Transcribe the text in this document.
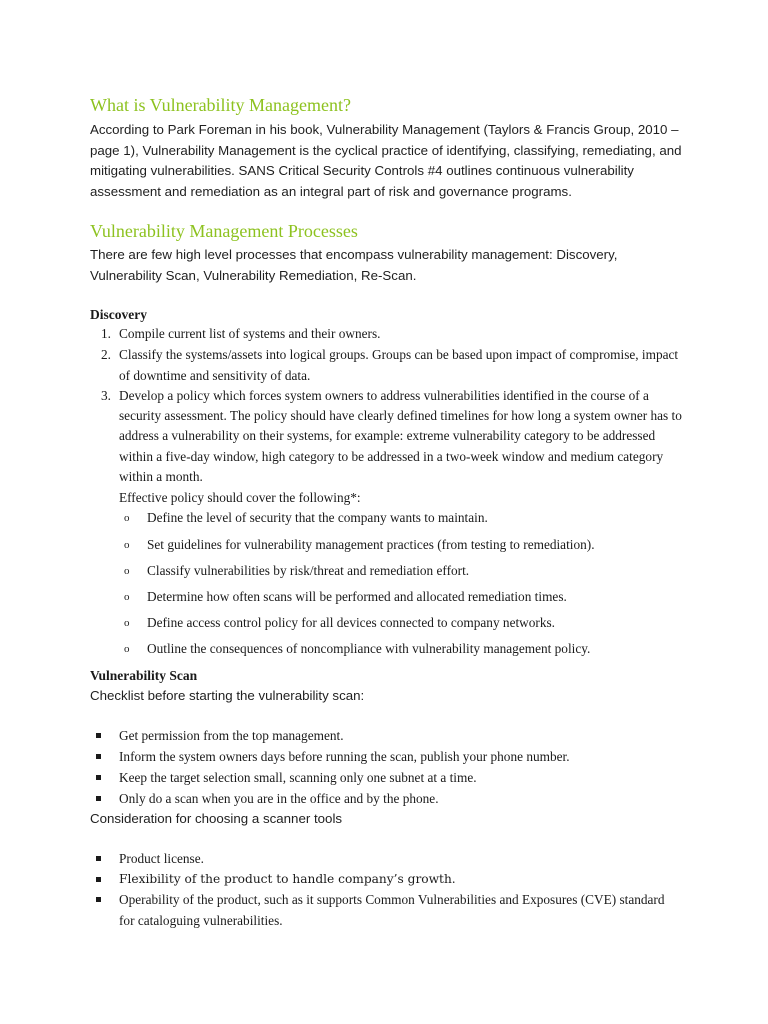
What is Vulnerability Management?
According to Park Foreman in his book, Vulnerability Management (Taylors & Francis Group, 2010 –
page 1), Vulnerability Management is the cyclical practice of identifying, classifying, remediating, and
mitigating vulnerabilities. SANS Critical Security Controls #4 outlines continuous vulnerability
assessment and remediation as an integral part of risk and governance programs.
Vulnerability Management Processes
There are few high level processes that encompass vulnerability management: Discovery,
Vulnerability Scan, Vulnerability Remediation, Re-Scan.
Discovery
1. Compile current list of systems and their owners.
2. Classify the systems/assets into logical groups. Groups can be based upon impact of compromise, impact
of downtime and sensitivity of data.
3. Develop a policy which forces system owners to address vulnerabilities identified in the course of a
security assessment. The policy should have clearly defined timelines for how long a system owner has to
address a vulnerability on their systems, for example: extreme vulnerability category to be addressed
within a five-day window, high category to be addressed in a two-week window and medium category
within a month.
Effective policy should cover the following*:
o Define the level of security that the company wants to maintain.
o Set guidelines for vulnerability management practices (from testing to remediation).
o Classify vulnerabilities by risk/threat and remediation effort.
o Determine how often scans will be performed and allocated remediation times.
o Define access control policy for all devices connected to company networks.
o Outline the consequences of noncompliance with vulnerability management policy.
Vulnerability Scan
Checklist before starting the vulnerability scan:
Get permission from the top management.
Inform the system owners days before running the scan, publish your phone number.
Keep the target selection small, scanning only one subnet at a time.
Only do a scan when you are in the office and by the phone.
Consideration for choosing a scanner tools
Product license.
Flexibility of the product to handle company’s growth.
Operability of the product, such as it supports Common Vulnerabilities and Exposures (CVE) standard
for cataloguing vulnerabilities.
